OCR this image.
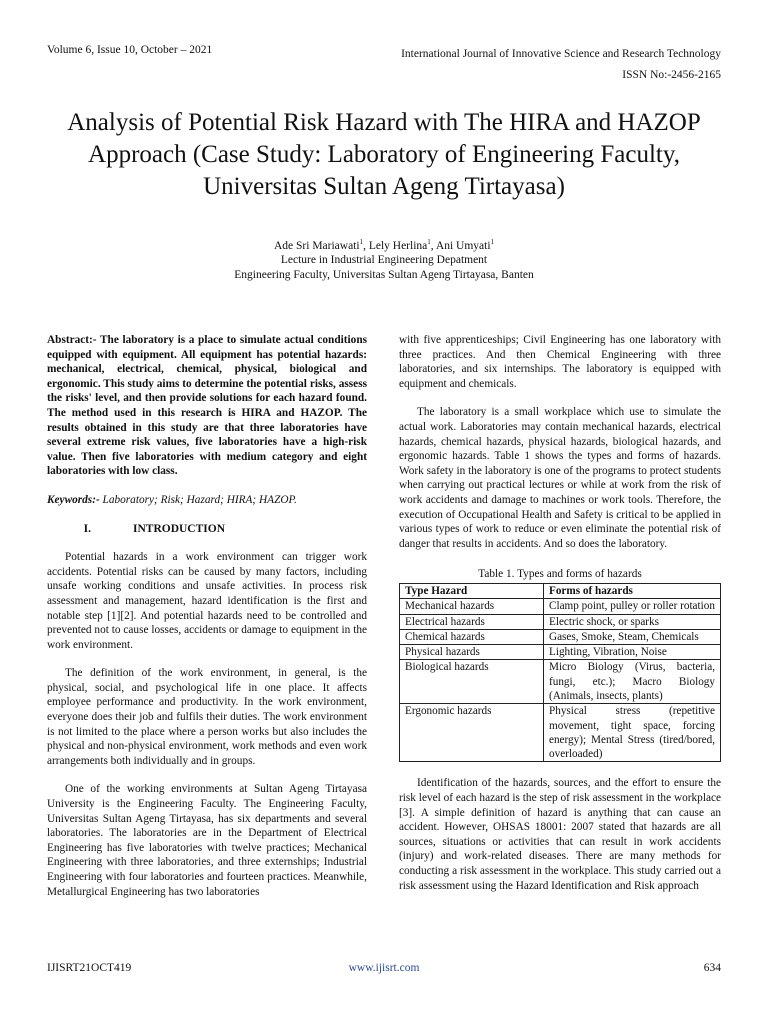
Volume 6, Issue 10, October – 2021	International Journal of Innovative Science and Research Technology
ISSN No:-2456-2165
Analysis of Potential Risk Hazard with The HIRA and HAZOP Approach (Case Study: Laboratory of Engineering Faculty, Universitas Sultan Ageng Tirtayasa)
Ade Sri Mariawati$^1$, Lely Herlina$^1$, Ani Umyati$^1$
Lecture in Industrial Engineering Depatment
Engineering Faculty, Universitas Sultan Ageng Tirtayasa, Banten

Abstract:- The laboratory is a place to simulate actual conditions equipped with equipment. All equipment has potential hazards: mechanical, electrical, chemical, physical, biological and ergonomic. This study aims to determine the potential risks, assess the risks' level, and then provide solutions for each hazard found. The method used in this research is HIRA and HAZOP. The results obtained in this study are that three laboratories have several extreme risk values, five laboratories have a high-risk value. Then five laboratories with medium category and eight laboratories with low class.

Keywords:- Laboratory; Risk; Hazard; HIRA; HAZOP.

I.	INTRODUCTION

Potential hazards in a work environment can trigger work accidents. Potential risks can be caused by many factors, including unsafe working conditions and unsafe activities. In process risk assessment and management, hazard identification is the first and notable step [1][2]. And potential hazards need to be controlled and prevented not to cause losses, accidents or damage to equipment in the work environment.

The definition of the work environment, in general, is the physical, social, and psychological life in one place. It affects employee performance and productivity. In the work environment, everyone does their job and fulfils their duties. The work environment is not limited to the place where a person works but also includes the physical and non-physical environment, work methods and even work arrangements both individually and in groups.

One of the working environments at Sultan Ageng Tirtayasa University is the Engineering Faculty. The Engineering Faculty, Universitas Sultan Ageng Tirtayasa, has six departments and several laboratories. The laboratories are in the Department of Electrical Engineering has five laboratories with twelve practices; Mechanical Engineering with three laboratories, and three externships; Industrial Engineering with four laboratories and fourteen practices. Meanwhile, Metallurgical Engineering has two laboratories

with five apprenticeships; Civil Engineering has one laboratory with three practices. And then Chemical Engineering with three laboratories, and six internships. The laboratory is equipped with equipment and chemicals.

The laboratory is a small workplace which use to simulate the actual work. Laboratories may contain mechanical hazards, electrical hazards, chemical hazards, physical hazards, biological hazards, and ergonomic hazards. Table 1 shows the types and forms of hazards. Work safety in the laboratory is one of the programs to protect students when carrying out practical lectures or while at work from the risk of work accidents and damage to machines or work tools. Therefore, the execution of Occupational Health and Safety is critical to be applied in various types of work to reduce or even eliminate the potential risk of danger that results in accidents. And so does the laboratory.

Table 1. Types and forms of hazards
Type Hazard	Forms of hazards
Mechanical hazards	Clamp point, pulley or roller rotation
Electrical hazards	Electric shock, or sparks
Chemical hazards	Gases, Smoke, Steam, Chemicals
Physical hazards	Lighting, Vibration, Noise
Biological hazards	Micro Biology (Virus, bacteria, fungi, etc.); Macro Biology (Animals, insects, plants)
Ergonomic hazards	Physical stress (repetitive movement, tight space, forcing energy); Mental Stress (tired/bored, overloaded)

Identification of the hazards, sources, and the effort to ensure the risk level of each hazard is the step of risk assessment in the workplace [3]. A simple definition of hazard is anything that can cause an accident. However, OHSAS 18001: 2007 stated that hazards are all sources, situations or activities that can result in work accidents (injury) and work-related diseases. There are many methods for conducting a risk assessment in the workplace. This study carried out a risk assessment using the Hazard Identification and Risk approach

IJISRT21OCT419	www.ijisrt.com	634
